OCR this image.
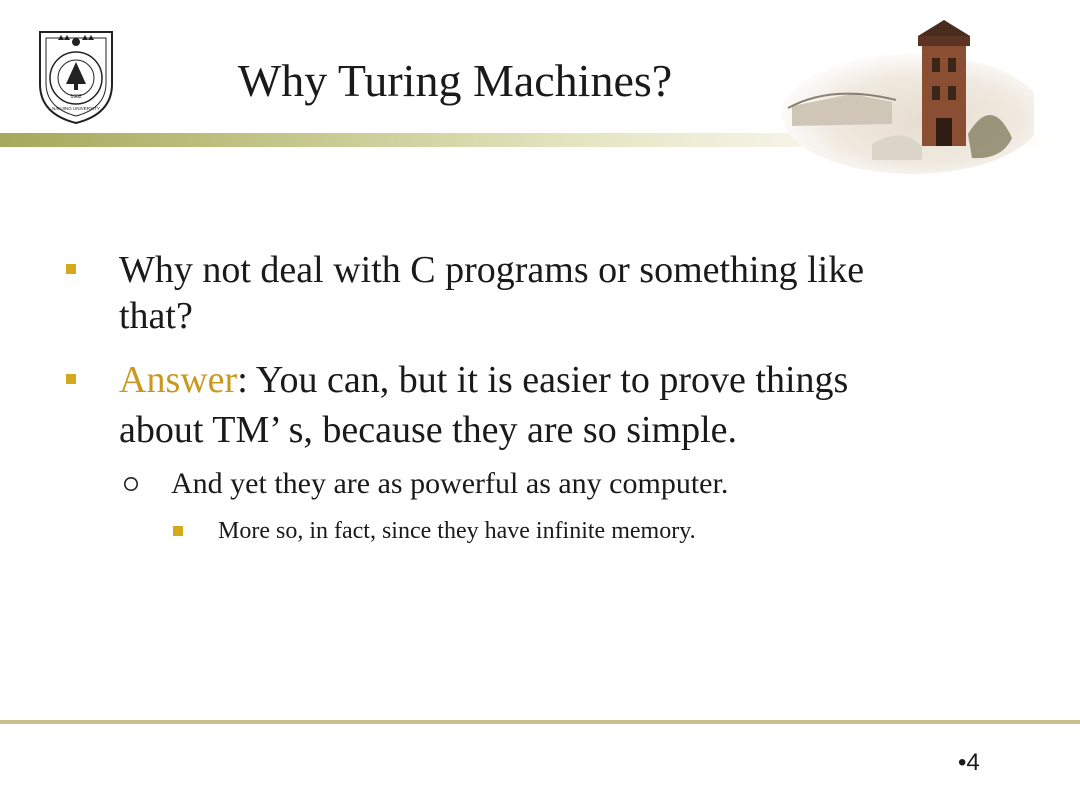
1902
NANJING UNIVERSITY
Why Turing Machines?
Why not deal with C programs or something like
that?
Answer: You can, but it is easier to prove things
about TM’ s, because they are so simple.
And yet they are as powerful as any computer.
More so, in fact, since they have infinite memory.
•4
